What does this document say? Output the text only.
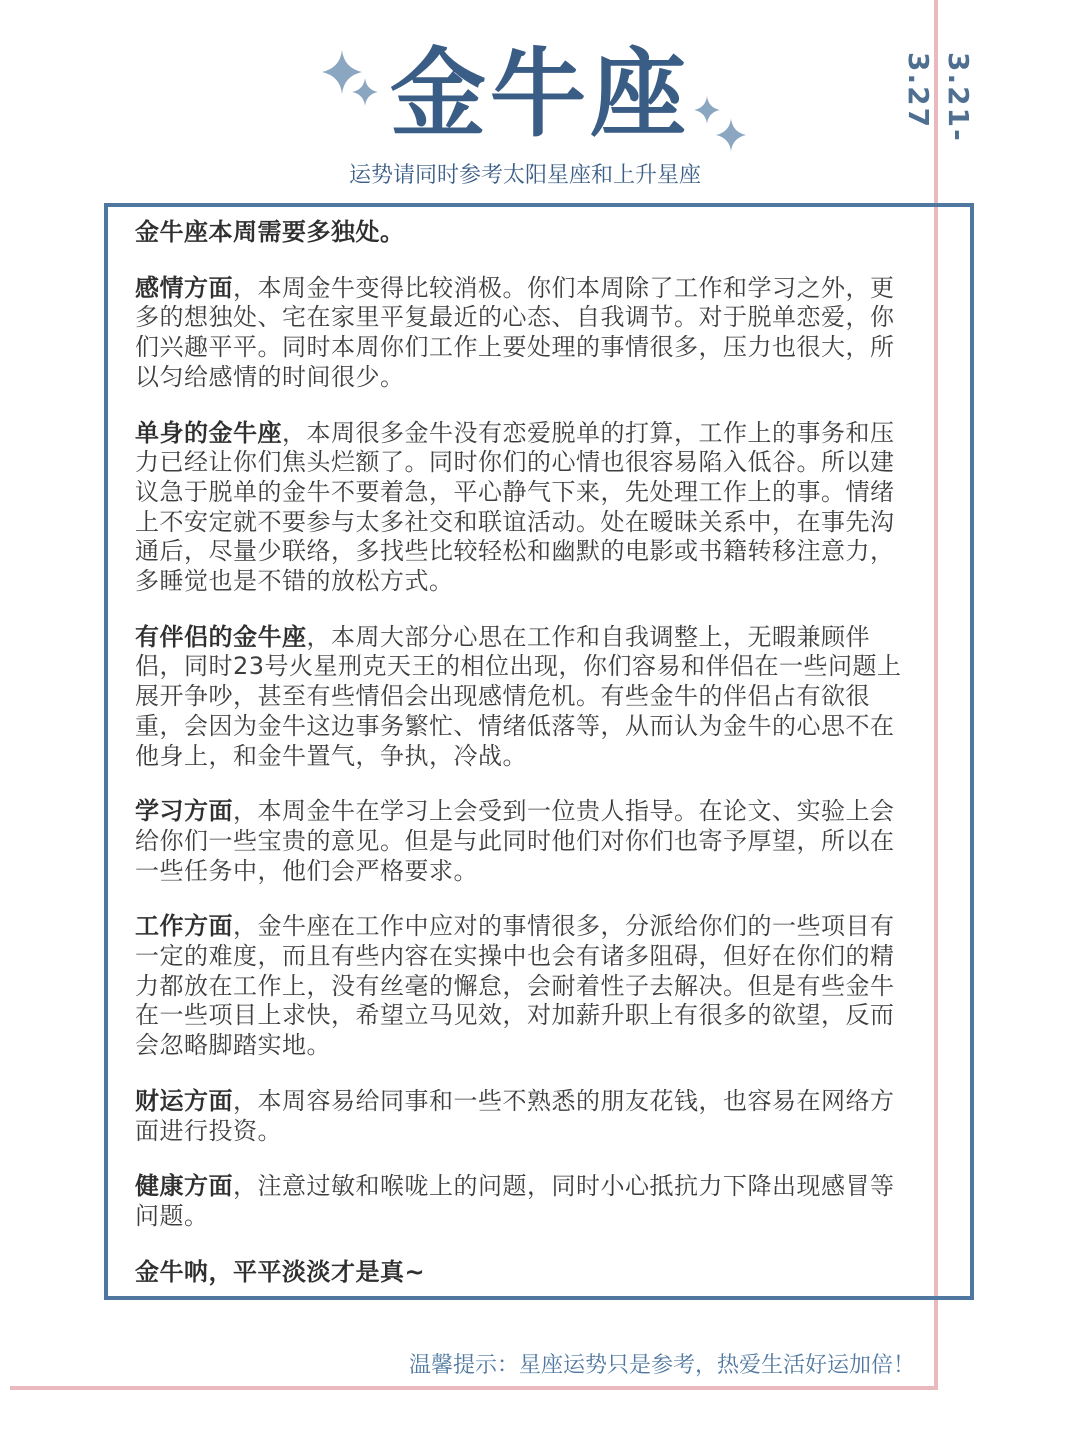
金牛座
运势请同时参考太阳星座和上升星座
3.21-3.27

金牛座本周需要多独处。

感情方面，本周金牛变得比较消极。你们本周除了工作和学习之外，更多的想独处、宅在家里平复最近的心态、自我调节。对于脱单恋爱，你们兴趣平平。同时本周你们工作上要处理的事情很多，压力也很大，所以匀给感情的时间很少。

单身的金牛座，本周很多金牛没有恋爱脱单的打算，工作上的事务和压力已经让你们焦头烂额了。同时你们的心情也很容易陷入低谷。所以建议急于脱单的金牛不要着急，平心静气下来，先处理工作上的事。情绪上不安定就不要参与太多社交和联谊活动。处在暧昧关系中，在事先沟通后，尽量少联络，多找些比较轻松和幽默的电影或书籍转移注意力，多睡觉也是不错的放松方式。

有伴侣的金牛座，本周大部分心思在工作和自我调整上，无暇兼顾伴侣，同时23号火星刑克天王的相位出现，你们容易和伴侣在一些问题上展开争吵，甚至有些情侣会出现感情危机。有些金牛的伴侣占有欲很重，会因为金牛这边事务繁忙、情绪低落等，从而认为金牛的心思不在他身上，和金牛置气，争执，冷战。

学习方面，本周金牛在学习上会受到一位贵人指导。在论文、实验上会给你们一些宝贵的意见。但是与此同时他们对你们也寄予厚望，所以在一些任务中，他们会严格要求。

工作方面，金牛座在工作中应对的事情很多，分派给你们的一些项目有一定的难度，而且有些内容在实操中也会有诸多阻碍，但好在你们的精力都放在工作上，没有丝毫的懈怠，会耐着性子去解决。但是有些金牛在一些项目上求快，希望立马见效，对加薪升职上有很多的欲望，反而会忽略脚踏实地。

财运方面，本周容易给同事和一些不熟悉的朋友花钱，也容易在网络方面进行投资。

健康方面，注意过敏和喉咙上的问题，同时小心抵抗力下降出现感冒等问题。

金牛呐，平平淡淡才是真~

温馨提示：星座运势只是参考，热爱生活好运加倍！
